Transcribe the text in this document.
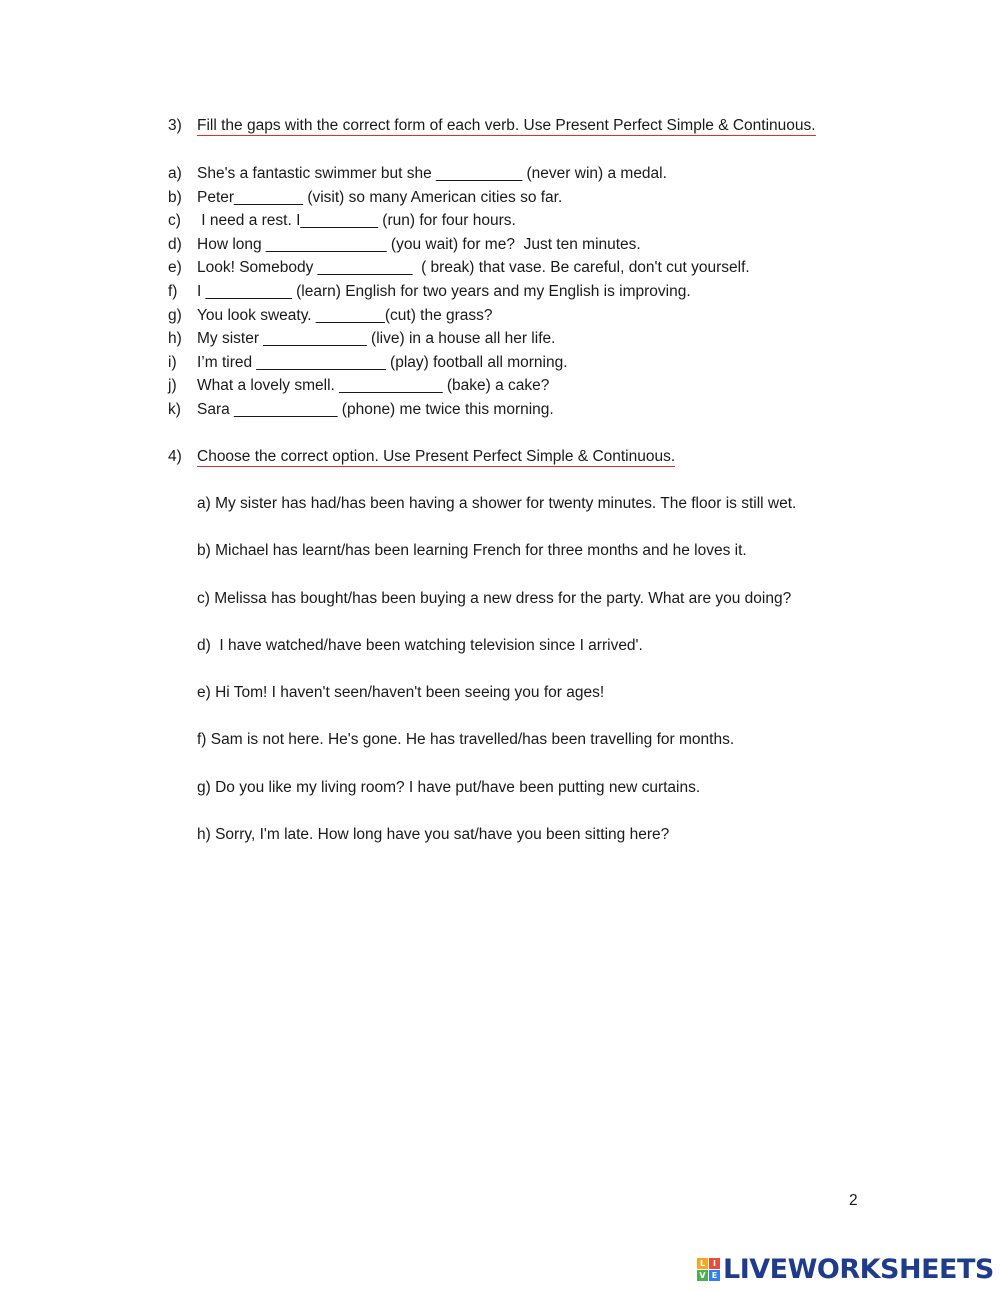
3) Fill the gaps with the correct form of each verb. Use Present Perfect Simple & Continuous.
a) She's a fantastic swimmer but she __________ (never win) a medal.
b) Peter________ (visit) so many American cities so far.
c) I need a rest. I_________ (run) for four hours.
d) How long ______________ (you wait) for me?  Just ten minutes.
e) Look! Somebody ___________  ( break) that vase. Be careful, don't cut yourself.
f) I __________ (learn) English for two years and my English is improving.
g) You look sweaty. ________(cut) the grass?
h) My sister ____________ (live) in a house all her life.
i) I’m tired _______________ (play) football all morning.
j) What a lovely smell. ____________ (bake) a cake?
k) Sara ____________ (phone) me twice this morning.
4) Choose the correct option. Use Present Perfect Simple & Continuous.
a) My sister has had/has been having a shower for twenty minutes. The floor is still wet.
b) Michael has learnt/has been learning French for three months and he loves it.
c) Melissa has bought/has been buying a new dress for the party. What are you doing?
d)  I have watched/have been watching television since I arrived'.
e) Hi Tom! I haven't seen/haven't been seeing you for ages!
f) Sam is not here. He's gone. He has travelled/has been travelling for months.
g) Do you like my living room? I have put/have been putting new curtains.
h) Sorry, I'm late. How long have you sat/have you been sitting here?
2
L I
V E LIVEWORKSHEETS
